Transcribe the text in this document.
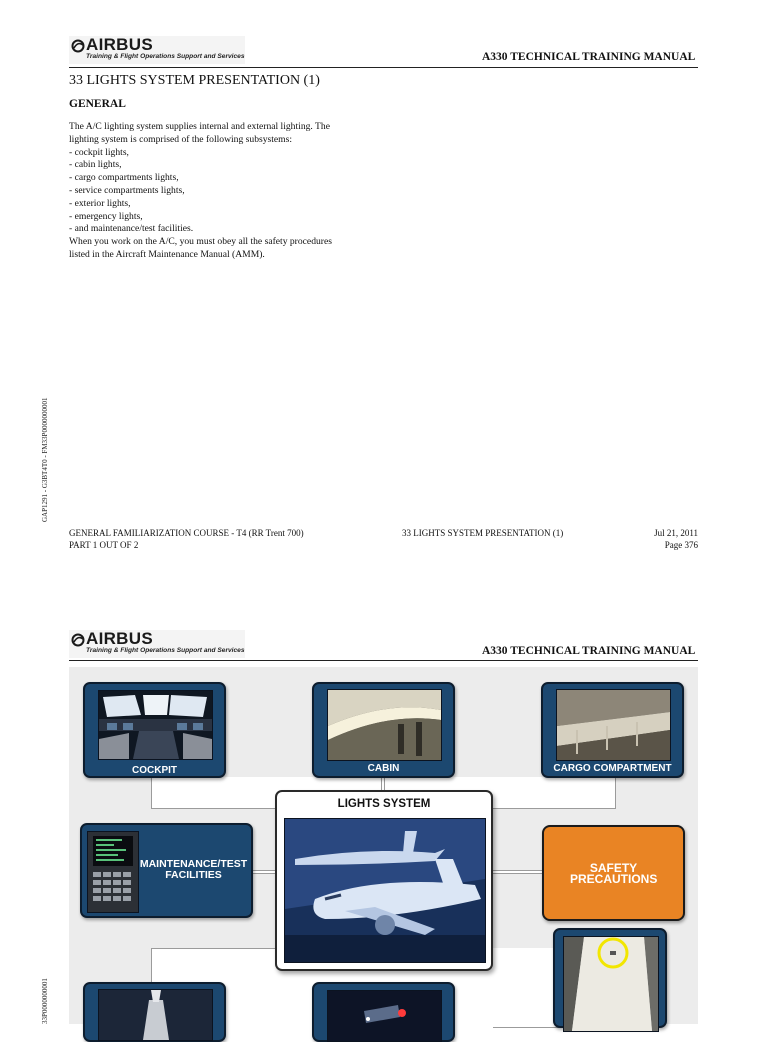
AIRBUS
Training & Flight Operations Support and Services	A330 TECHNICAL TRAINING MANUAL
33 LIGHTS SYSTEM PRESENTATION (1)
GENERAL
The A/C lighting system supplies internal and external lighting. The
lighting system is comprised of the following subsystems:
- cockpit lights,
- cabin lights,
- cargo compartments lights,
- service compartments lights,
- exterior lights,
- emergency lights,
- and maintenance/test facilities.
When you work on the A/C, you must obey all the safety procedures
listed in the Aircraft Maintenance Manual (AMM).
GAP1291 - G3BT4T0 - FM33P0000000001
GENERAL FAMILIARIZATION COURSE - T4 (RR Trent 700)
PART 1 OUT OF 2
33 LIGHTS SYSTEM PRESENTATION (1)	Jul 21, 2011
Page 376
AIRBUS
Training & Flight Operations Support and Services	A330 TECHNICAL TRAINING MANUAL
33P0000000001
COCKPIT	CABIN	CARGO COMPARTMENT
LIGHTS SYSTEM
MAINTENANCE/TEST FACILITIES	SAFETY PRECAUTIONS
